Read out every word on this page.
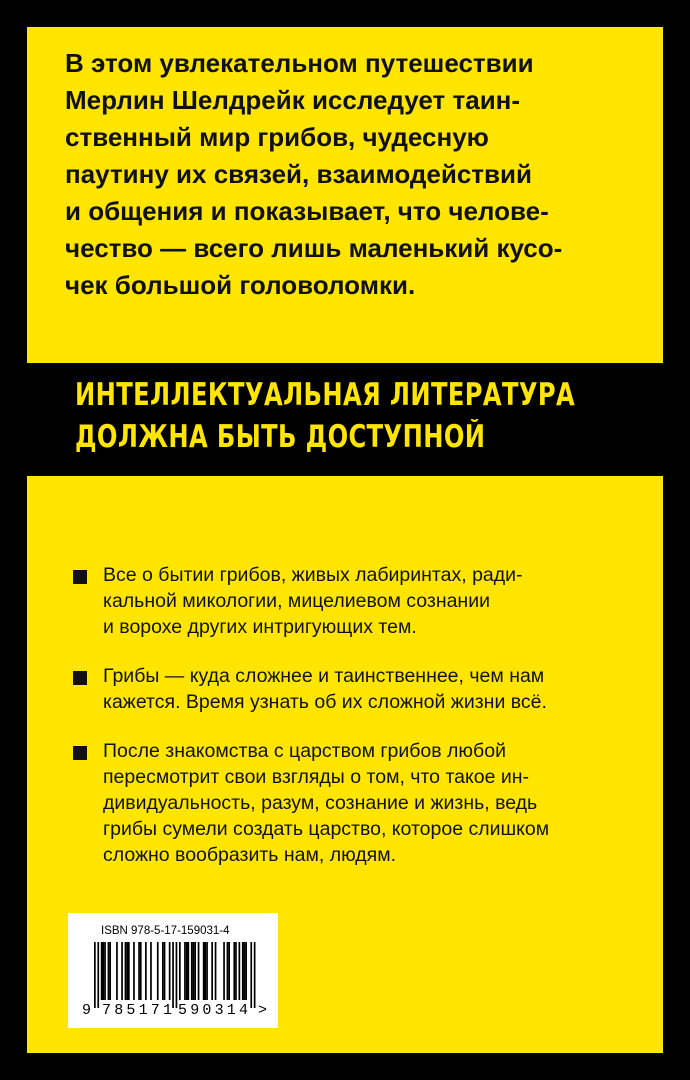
В этом увлекательном путешествии

Мерлин Шелдрейк исследует таин-

ственный мир грибов, чудесную

паутину их связей, взаимодействий

и общения и показывает, что челове-

чество — всего лишь маленький кусо-

чек большой головоломки.

ИНТЕЛЛЕКТУАЛЬНАЯ ЛИТЕРАТУРА

ДОЛЖНА БЫТЬ ДОСТУПНОЙ

Все о бытии грибов, живых лабиринтах, ради-

кальной микологии, мицелиевом сознании

и ворохе других интригующих тем.

Грибы — куда сложнее и таинственнее, чем нам

кажется. Время узнать об их сложной жизни всё.

После знакомства с царством грибов любой

пересмотрит свои взгляды о том, что такое ин-

дивидуальность, разум, сознание и жизнь, ведь

грибы сумели создать царство, которое слишком

сложно вообразить нам, людям.

ISBN 978-5-17-159031-4
9 785171 590314 >
